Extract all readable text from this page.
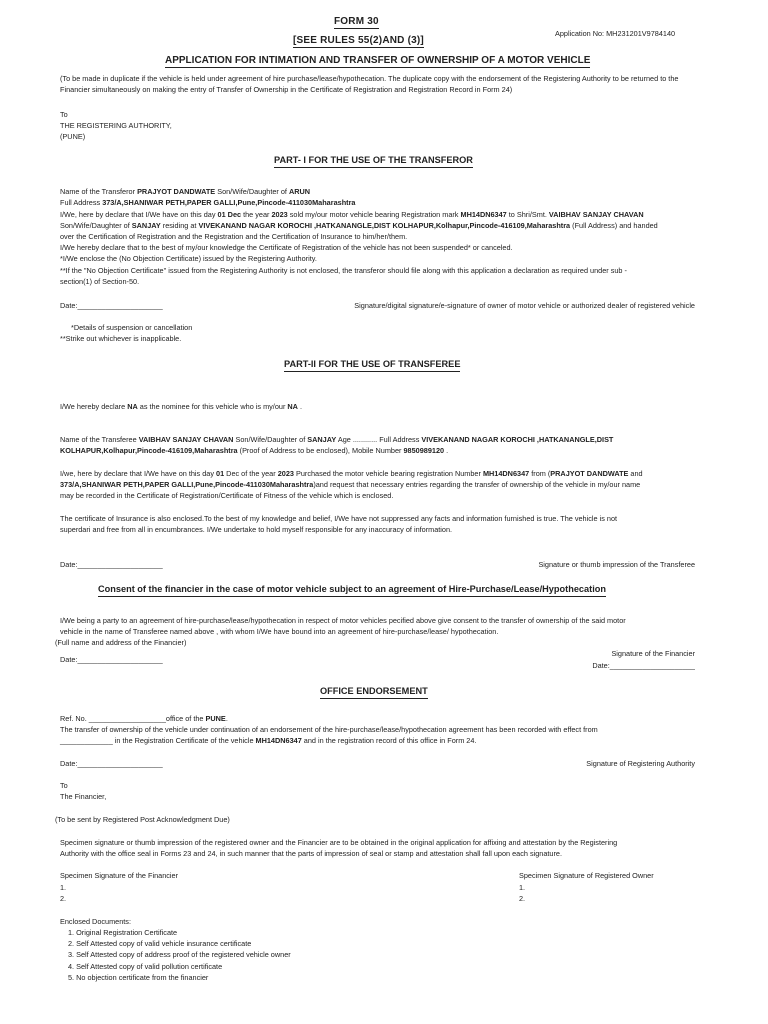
FORM 30
Application No: MH231201V9784140
[SEE RULES 55(2)AND (3)]
APPLICATION FOR INTIMATION AND TRANSFER OF OWNERSHIP OF A MOTOR VEHICLE
(To be made in duplicate if the vehicle is held under agreement of hire purchase/lease/hypothecation. The duplicate copy with the endorsement of the Registering Authority to be returned to the Financier simultaneously on making the entry of Transfer of Ownership in the Certificate of Registration and Registration Record in Form 24)
To
THE REGISTERING AUTHORITY,
(PUNE)
PART- I FOR THE USE OF THE TRANSFEROR
Name of the Transferor PRAJYOT DANDWATE Son/Wife/Daughter of ARUN
Full Address 373/A,SHANIWAR PETH,PAPER GALLI,Pune,Pincode-411030Maharashtra
I/We, here by declare that I/We have on this day 01 Dec the year 2023 sold my/our motor vehicle bearing Registration mark MH14DN6347 to Shri/Smt. VAIBHAV SANJAY CHAVAN
Son/Wife/Daughter of SANJAY residing at VIVEKANAND NAGAR KOROCHI ,HATKANANGLE,DIST KOLHAPUR,Kolhapur,Pincode-416109,Maharashtra (Full Address) and handed
over the Certification of Registration and the Registration and the Certification of Insurance to him/her/them.
I/We hereby declare that to the best of my/our knowledge the Certificate of Registration of the vehicle has not been suspended* or canceled.
*I/We enclose the (No Objection Certificate) issued by the Registering Authority.
**If the "No Objection Certificate" issued from the Registering Authority is not enclosed, the transferor should file along with this application a declaration as required under sub -
section(1) of Section-50.
Date:_____________________	Signature/digital signature/e-signature of owner of motor vehicle or authorized dealer of registered vehicle
*Details of suspension or cancellation
**Strike out whichever is inapplicable.
PART-II FOR THE USE OF TRANSFEREE
I/We hereby declare NA as the nominee for this vehicle who is my/our NA .
Name of the Transferee VAIBHAV SANJAY CHAVAN Son/Wife/Daughter of SANJAY Age ............ Full Address VIVEKANAND NAGAR KOROCHI ,HATKANANGLE,DIST
KOLHAPUR,Kolhapur,Pincode-416109,Maharashtra (Proof of Address to be enclosed), Mobile Number 9850989120 .
I/we, here by declare that I/We have on this day 01 Dec of the year 2023 Purchased the motor vehicle bearing registration Number MH14DN6347 from (PRAJYOT DANDWATE and
373/A,SHANIWAR PETH,PAPER GALLI,Pune,Pincode-411030Maharashtra)and request that necessary entries regarding the transfer of ownership of the vehicle in my/our name
may be recorded in the Certificate of Registration/Certificate of Fitness of the vehicle which is enclosed.
The certificate of Insurance is also enclosed.To the best of my knowledge and belief, I/We have not suppressed any facts and information furnished is true. The vehicle is not
superdari and free from all in encumbrances. I/We undertake to hold myself responsible for any inaccuracy of information.
Date:_____________________	Signature or thumb impression of the Transferee
Consent of the financier in the case of motor vehicle subject to an agreement of Hire-Purchase/Lease/Hypothecation
I/We being a party to an agreement of hire-purchase/lease/hypothecation in respect of motor vehicles pecified above give consent to the transfer of ownership of the said motor
vehicle in the name of Transferee named above , with whom I/We have bound into an agreement of hire-purchase/lease/ hypothecation.
(Full name and address of the Financier)
Signature of the Financier
Date:_____________________
Date:_____________________
OFFICE ENDORSEMENT
Ref. No. ___________________office of the PUNE.
The transfer of ownership of the vehicle under continuation of an endorsement of the hire-purchase/lease/hypothecation agreement has been recorded with effect from
_____________ in the Registration Certificate of the vehicle MH14DN6347 and in the registration record of this office in Form 24.
Date:_____________________	Signature of Registering Authority
To
The Financier,
(To be sent by Registered Post Acknowledgment Due)
Specimen signature or thumb impression of the registered owner and the Financier are to be obtained in the original application for affixing and attestation by the Registering
Authority with the office seal in Forms 23 and 24, in such manner that the parts of impression of seal or stamp and attestation shall fall upon each signature.
Specimen Signature of the Financier	Specimen Signature of Registered Owner
1.	1.
2.	2.
Enclosed Documents:
1. Original Registration Certificate
2. Self Attested copy of valid vehicle insurance certificate
3. Self Attested copy of address proof of the registered vehicle owner
4. Self Attested copy of valid pollution certificate
5. No objection certificate from the financier
